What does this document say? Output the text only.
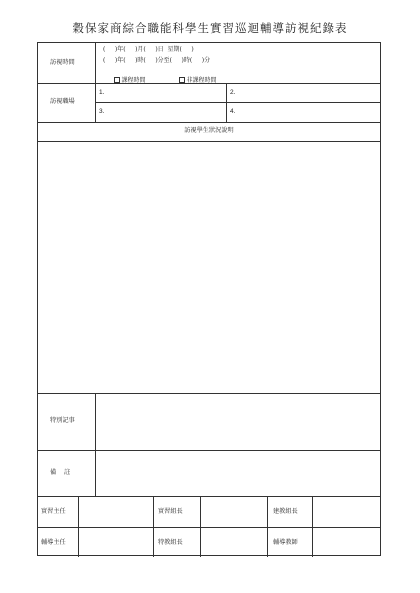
穀保家商綜合職能科學生實習巡迴輔導訪視紀錄表
訪視時間
(     )年(     )月(     )日  星期(     )
(     )年(     )時(     )分至(     )時(     )分

課程時間
	非課程時間

訪視職場
1.	2.
3.	4.
訪視學生狀況說明
特別記事
備    註
實習主任	實習組長	建教組長
輔導主任	特教組長	輔導教師
